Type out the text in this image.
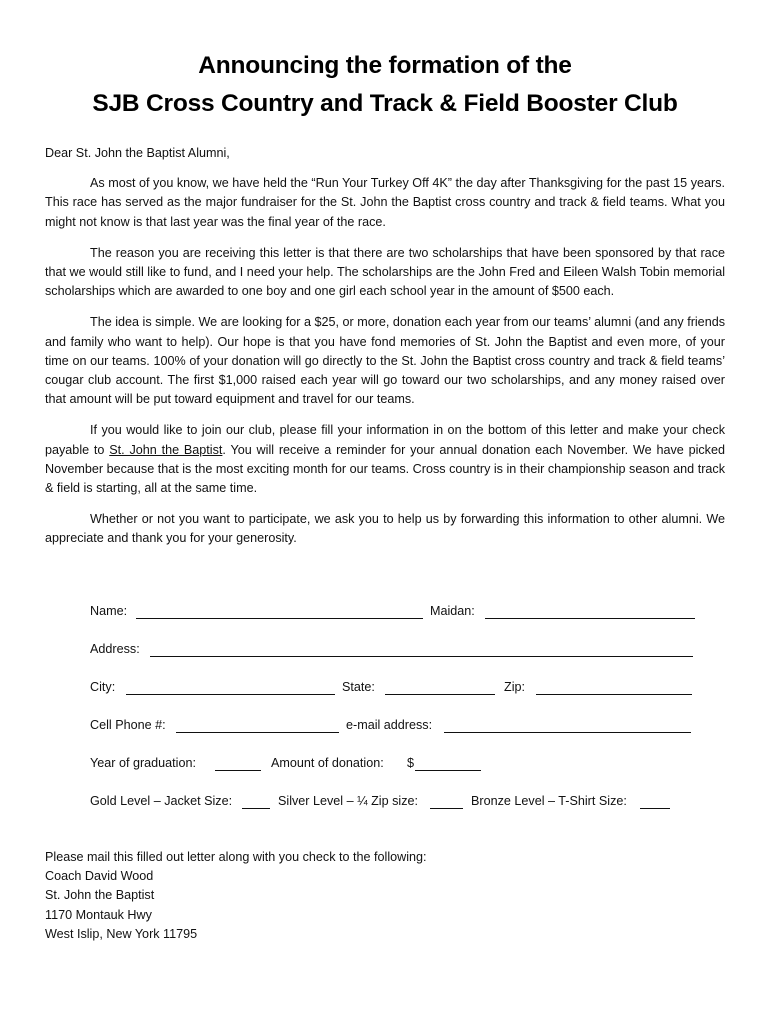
Announcing the formation of the
SJB Cross Country and Track & Field Booster Club

Dear St. John the Baptist Alumni,

As most of you know, we have held the “Run Your Turkey Off 4K” the day after Thanksgiving for the past 15 years. This race has served as the major fundraiser for the St. John the Baptist cross country and track & field teams. What you might not know is that last year was the final year of the race.

The reason you are receiving this letter is that there are two scholarships that have been sponsored by that race that we would still like to fund, and I need your help. The scholarships are the John Fred and Eileen Walsh Tobin memorial scholarships which are awarded to one boy and one girl each school year in the amount of $500 each.

The idea is simple. We are looking for a $25, or more, donation each year from our teams’ alumni (and any friends and family who want to help). Our hope is that you have fond memories of St. John the Baptist and even more, of your time on our teams. 100% of your donation will go directly to the St. John the Baptist cross country and track & field teams’ cougar club account. The first $1,000 raised each year will go toward our two scholarships, and any money raised over that amount will be put toward equipment and travel for our teams.

If you would like to join our club, please fill your information in on the bottom of this letter and make your check payable to St. John the Baptist. You will receive a reminder for your annual donation each November. We have picked November because that is the most exciting month for our teams. Cross country is in their championship season and track & field is starting, all at the same time.

Whether or not you want to participate, we ask you to help us by forwarding this information to other alumni. We appreciate and thank you for your generosity.

Name:	Maidan:
Address:
City:	State:	Zip:
Cell Phone #:	e-mail address:
Year of graduation:	Amount of donation: $
Gold Level – Jacket Size:	Silver Level – ¼ Zip size:	Bronze Level – T-Shirt Size:
Please mail this filled out letter along with you check to the following:
Coach David Wood
St. John the Baptist
1170 Montauk Hwy
West Islip, New York 11795
